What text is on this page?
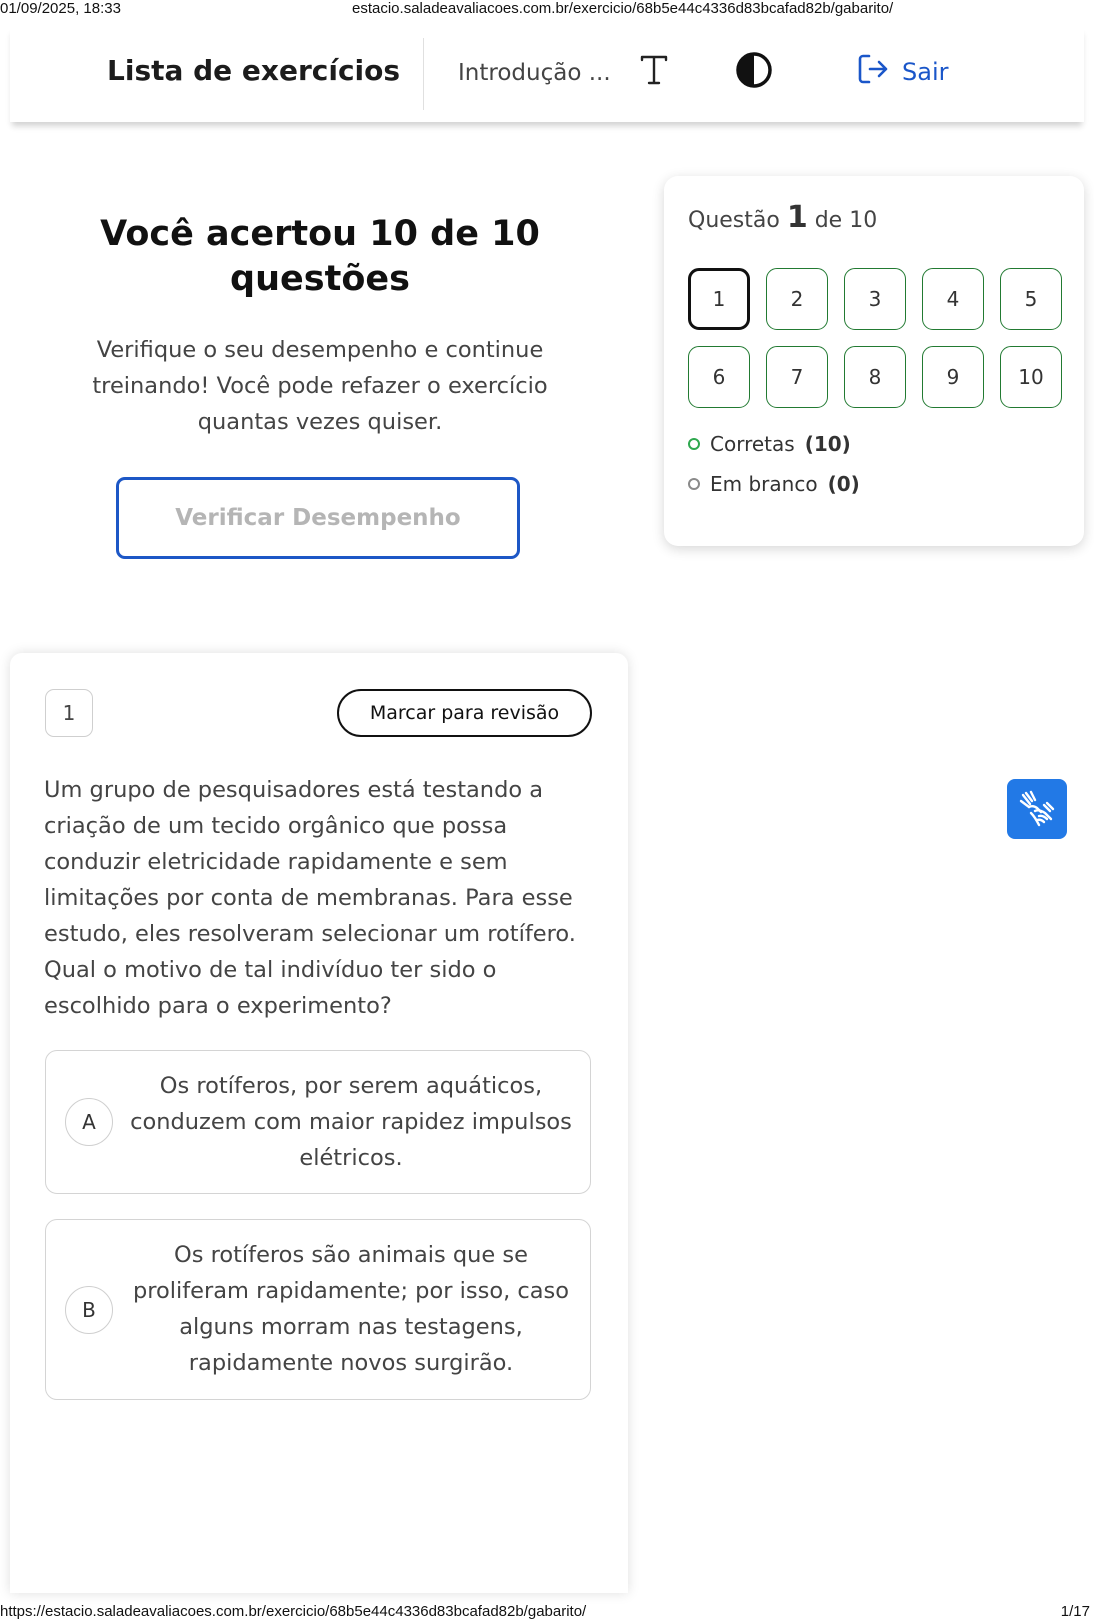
01/09/2025, 18:33	estacio.saladeavaliacoes.com.br/exercicio/68b5e44c4336d83bcafad82b/gabarito/
Lista de exercícios	Introdução ...	Sair
Você acertou 10 de 10 questões

Verifique o seu desempenho e continue treinando! Você pode refazer o exercício quantas vezes quiser.

Verificar Desempenho
Questão 1 de 10
1	2	3	4	5
6	7	8	9	10
Corretas (10)
Em branco (0)
1	Marcar para revisão
Um grupo de pesquisadores está testando a criação de um tecido orgânico que possa conduzir eletricidade rapidamente e sem limitações por conta de membranas. Para esse estudo, eles resolveram selecionar um rotífero. Qual o motivo de tal indivíduo ter sido o escolhido para o experimento?
A
Os rotíferos, por serem aquáticos, conduzem com maior rapidez impulsos elétricos.
B
Os rotíferos são animais que se proliferam rapidamente; por isso, caso alguns morram nas testagens, rapidamente novos surgirão.
https://estacio.saladeavaliacoes.com.br/exercicio/68b5e44c4336d83bcafad82b/gabarito/	1/17
